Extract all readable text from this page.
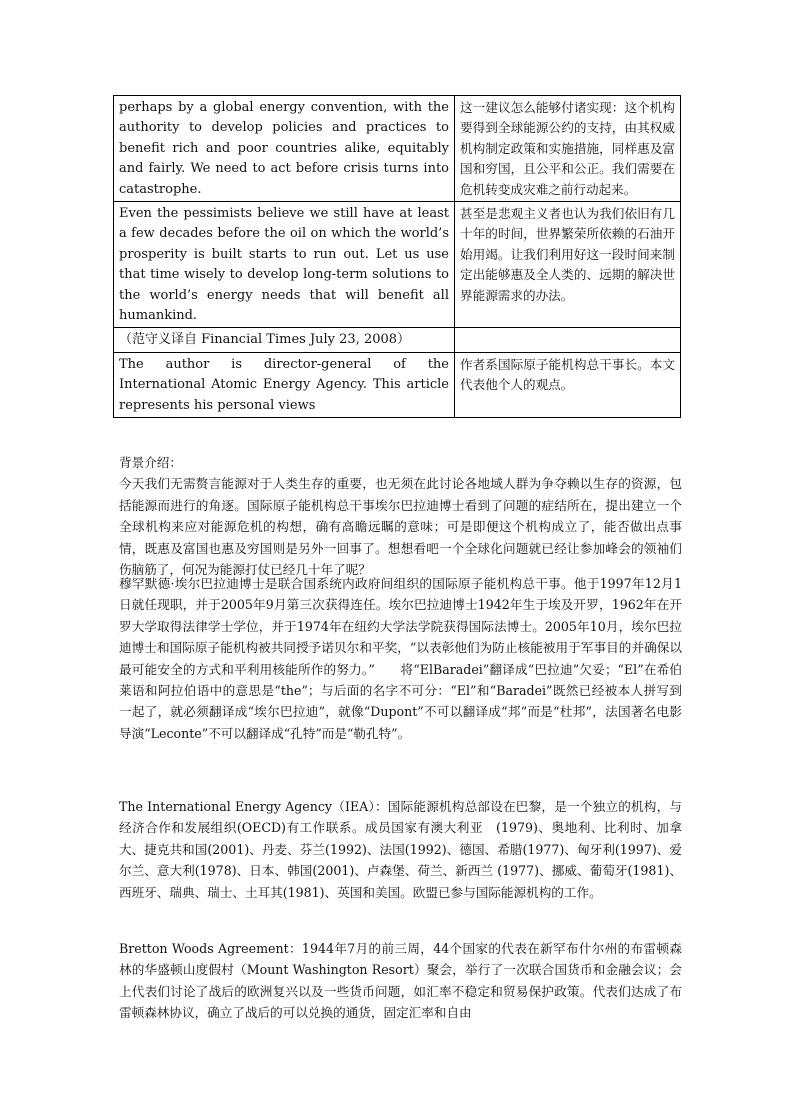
perhaps by a global energy convention, with the authority to develop policies and practices to benefit rich and poor countries alike, equitably and fairly. We need to act before crisis turns into catastrophe.	这一建议怎么能够付诸实现：这个机构要得到全球能源公约的支持，由其权威机构制定政策和实施措施，同样惠及富国和穷国，且公平和公正。我们需要在危机转变成灾难之前行动起来。
Even the pessimists believe we still have at least a few decades before the oil on which the world’s prosperity is built starts to run out. Let us use that time wisely to develop long-term solutions to the world’s energy needs that will benefit all humankind.	甚至是悲观主义者也认为我们依旧有几十年的时间，世界繁荣所依赖的石油开始用竭。让我们利用好这一段时间来制定出能够惠及全人类的、远期的解决世界能源需求的办法。
（范守义译自 Financial Times July 23, 2008）	
The author is director-general of the International Atomic Energy Agency. This article represents his personal views	作者系国际原子能机构总干事长。本文代表他个人的观点。

背景介绍：

今天我们无需赘言能源对于人类生存的重要，也无须在此讨论各地域人群为争夺赖以生存的资源，包括能源而进行的角逐。国际原子能机构总干事埃尔巴拉迪博士看到了问题的症结所在，提出建立一个全球机构来应对能源危机的构想，确有高瞻远瞩的意味；可是即便这个机构成立了，能否做出点事情，既惠及富国也惠及穷国则是另外一回事了。想想看吧一个全球化问题就已经让参加峰会的领袖们伤脑筋了，何况为能源打仗已经几十年了呢？

穆罕默德·埃尔巴拉迪博士是联合国系统内政府间组织的国际原子能机构总干事。他于1997年12月1日就任现职，并于2005年9月第三次获得连任。埃尔巴拉迪博士1942年生于埃及开罗，1962年在开罗大学取得法律学士学位，并于1974年在纽约大学法学院获得国际法博士。2005年10月，埃尔巴拉迪博士和国际原子能机构被共同授予诺贝尔和平奖，“以表彰他们为防止核能被用于军事目的并确保以最可能安全的方式和平利用核能所作的努力。”　　将“ElBaradei”翻译成“巴拉迪”欠妥；“El”在希伯莱语和阿拉伯语中的意思是“the”；与后面的名字不可分：“El”和“Baradei”既然已经被本人拼写到一起了，就必须翻译成“埃尔巴拉迪”，就像“Dupont”不可以翻译成“邦”而是“杜邦”，法国著名电影导演“Leconte”不可以翻译成“孔特”而是“勒孔特”。

The International Energy Agency（IEA）：国际能源机构总部设在巴黎，是一个独立的机构，与经济合作和发展组织(OECD)有工作联系。成员国家有澳大利亚　(1979)、奥地利、比利时、加拿大、捷克共和国(2001)、丹麦、芬兰(1992)、法国(1992)、德国、希腊(1977)、匈牙利(1997)、爱尔兰、意大利(1978)、日本、韩国(2001)、卢森堡、荷兰、新西兰 (1977)、挪威、葡萄牙(1981)、西班牙、瑞典、瑞士、土耳其(1981)、英国和美国。欧盟已参与国际能源机构的工作。

Bretton Woods Agreement：1944年7月的前三周，44个国家的代表在新罕布什尔州的布雷顿森林的华盛顿山度假村（Mount Washington Resort）聚会，举行了一次联合国货币和金融会议；会上代表们讨论了战后的欧洲复兴以及一些货币问题，如汇率不稳定和贸易保护政策。代表们达成了布雷顿森林协议，确立了战后的可以兑换的通货，固定汇率和自由
